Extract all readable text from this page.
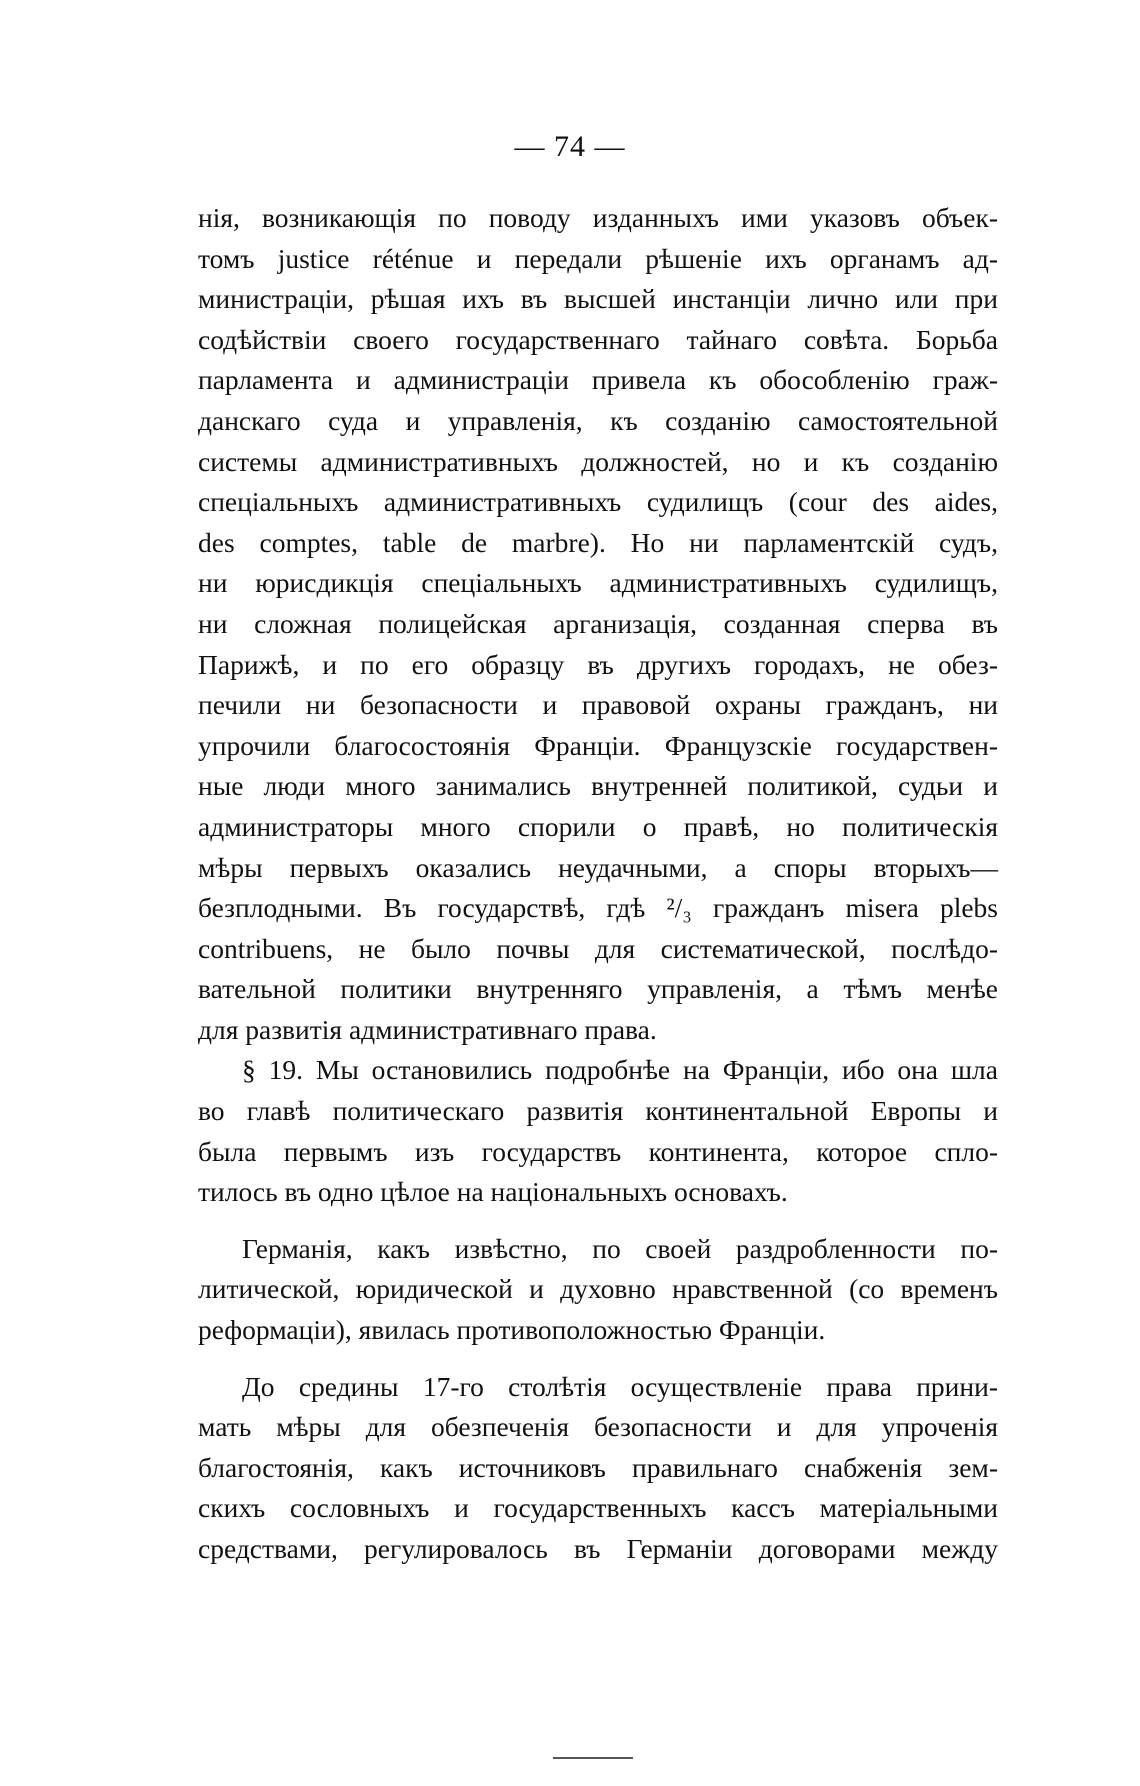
— 74 —
нія, возникающія по поводу изданныхъ ими указовъ объек-
томъ justice réténue и передали рѣшеніе ихъ органамъ ад-
министраціи, рѣшая ихъ въ высшей инстанціи лично или при
содѣйствіи своего государственнаго тайнаго совѣта. Борьба
парламента и администраціи привела къ обособленію граж-
данскаго суда и управленія, къ созданію самостоятельной
системы административныхъ должностей, но и къ созданію
спеціальныхъ административныхъ судилищъ (cour des aides,
des comptes, table de marbre). Но ни парламентскій судъ,
ни юрисдикція спеціальныхъ административныхъ судилищъ,
ни сложная полицейская арганизація, созданная сперва въ
Парижѣ, и по его образцу въ другихъ городахъ, не обез-
печили ни безопасности и правовой охраны гражданъ, ни
упрочили благосостоянія Франціи. Французскіе государствен-
ные люди много занимались внутренней политикой, судьи и
администраторы много спорили о правѣ, но политическія
мѣры первыхъ оказались неудачными, а споры вторыхъ—
безплодными. Въ государствѣ, гдѣ ²/₃ гражданъ misera plebs
contribuens, не было почвы для систематической, послѣдо-
вательной политики внутренняго управленія, а тѣмъ менѣе
для развитія административнаго права.
§ 19. Мы остановились подробнѣе на Франціи, ибо она шла
во главѣ политическаго развитія континентальной Европы и
была первымъ изъ государствъ континента, которое спло-
тилось въ одно цѣлое на національныхъ основахъ.
Германія, какъ извѣстно, по своей раздробленности по-
литической, юридической и духовно нравственной (со временъ
реформаціи), явилась противоположностью Франціи.
До средины 17-го столѣтія осуществленіе права прини-
мать мѣры для обезпеченія безопасности и для упроченія
благостоянія, какъ источниковъ правильнаго снабженія зем-
скихъ сословныхъ и государственныхъ кассъ матеріальными
средствами, регулировалось въ Германіи договорами между
